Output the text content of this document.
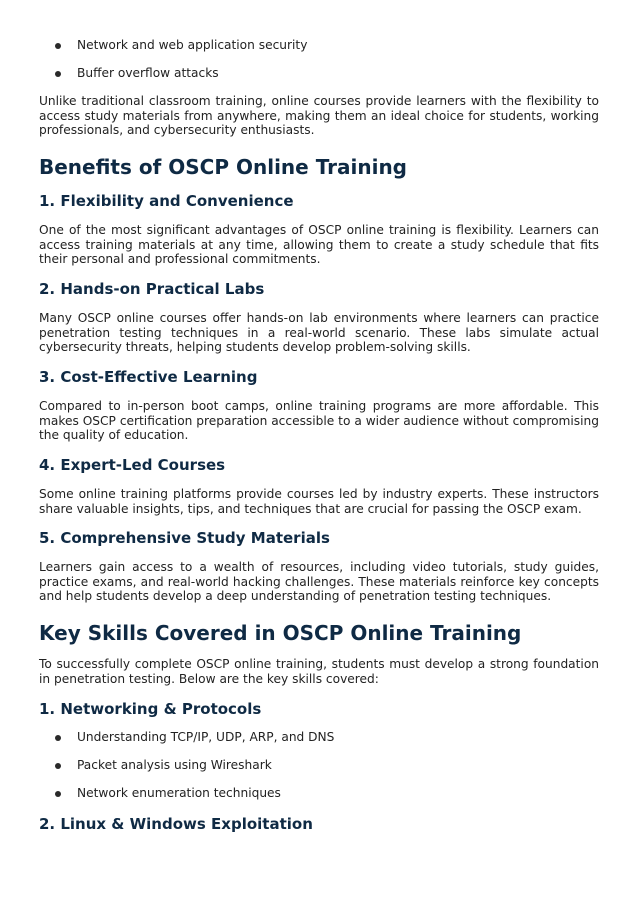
Network and web application security
Buffer overflow attacks

Unlike traditional classroom training, online courses provide learners with the flexibility to access study materials from anywhere, making them an ideal choice for students, working professionals, and cybersecurity enthusiasts.

Benefits of OSCP Online Training
1. Flexibility and Convenience

One of the most significant advantages of OSCP online training is flexibility. Learners can access training materials at any time, allowing them to create a study schedule that fits their personal and professional commitments.

2. Hands-on Practical Labs

Many OSCP online courses offer hands-on lab environments where learners can practice penetration testing techniques in a real-world scenario. These labs simulate actual cybersecurity threats, helping students develop problem-solving skills.

3. Cost-Effective Learning

Compared to in-person boot camps, online training programs are more affordable. This makes OSCP certification preparation accessible to a wider audience without compromising the quality of education.

4. Expert-Led Courses

Some online training platforms provide courses led by industry experts. These instructors share valuable insights, tips, and techniques that are crucial for passing the OSCP exam.

5. Comprehensive Study Materials

Learners gain access to a wealth of resources, including video tutorials, study guides, practice exams, and real-world hacking challenges. These materials reinforce key concepts and help students develop a deep understanding of penetration testing techniques.

Key Skills Covered in OSCP Online Training

To successfully complete OSCP online training, students must develop a strong foundation in penetration testing. Below are the key skills covered:

1. Networking & Protocols
Understanding TCP/IP, UDP, ARP, and DNS
Packet analysis using Wireshark
Network enumeration techniques
2. Linux & Windows Exploitation
